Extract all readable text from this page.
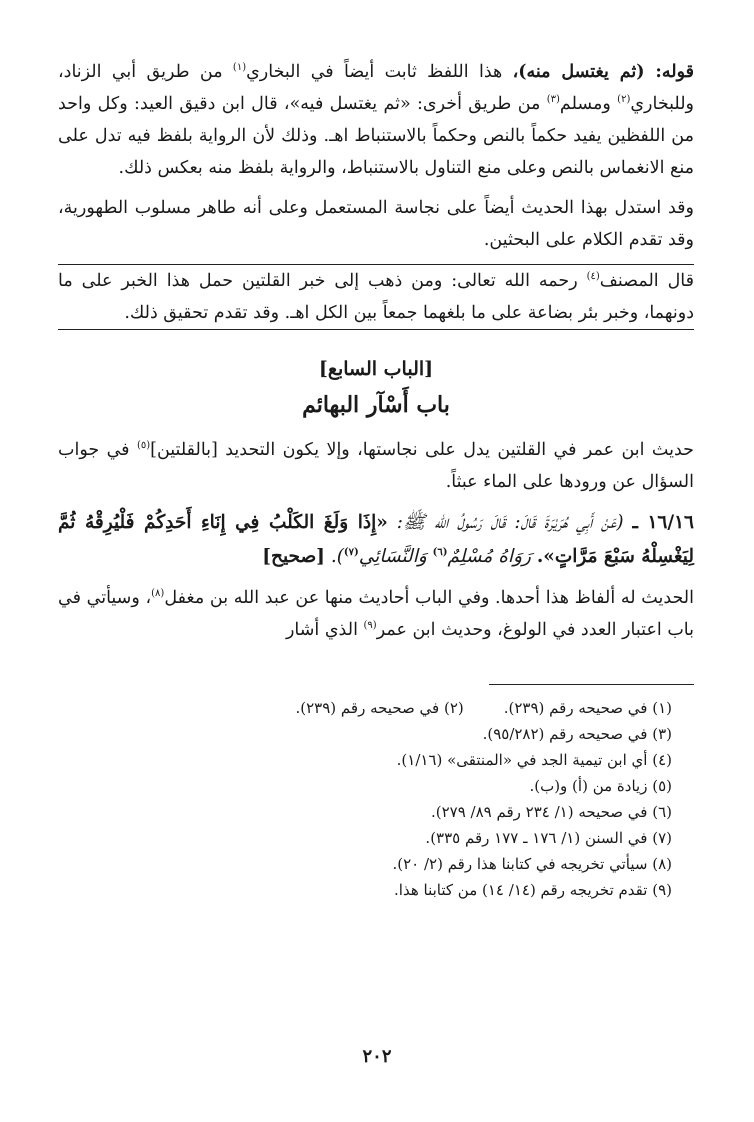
قوله: (ثم يغتسل منه)، هذا اللفظ ثابت أيضاً في البخاري$^{(١)}$ من طريق أبي الزناد، وللبخاري$^{(٢)}$ ومسلم$^{(٣)}$ من طريق أخرى: «ثم يغتسل فيه»، قال ابن دقيق العيد: وكل واحد من اللفظين يفيد حكماً بالنص وحكماً بالاستنباط اهـ. وذلك لأن الرواية بلفظ فيه تدل على منع الانغماس بالنص وعلى منع التناول بالاستنباط، والرواية بلفظ منه بعكس ذلك.

وقد استدل بهذا الحديث أيضاً على نجاسة المستعمل وعلى أنه طاهر مسلوب الطهورية، وقد تقدم الكلام على البحثين.

قال المصنف$^{(٤)}$ رحمه الله تعالى: ومن ذهب إلى خبر القلتين حمل هذا الخبر على ما دونهما، وخبر بئر بضاعة على ما بلغهما جمعاً بين الكل اهـ. وقد تقدم تحقيق ذلك.

[الباب السابع]
باب أَسْآر البهائم

حديث ابن عمر في القلتين يدل على نجاستها، وإلا يكون التحديد [بالقلتين]$^{(٥)}$ في جواب السؤال عن ورودها على الماء عبثاً.

١٦/١٦ ـ (عَنْ أَبِي هُرَيْرَةَ قَالَ: قَالَ رَسُولُ الله ﷺ: «إِذَا وَلَغَ الكَلْبُ فِي إِنَاءِ أَحَدِكُمْ فَلْيُرِقْهُ ثُمَّ لِيَغْسِلْهُ سَبْعَ مَرَّاتٍ». رَوَاهُ مُسْلِمٌ$^{(٦)}$ وَالنَّسَائِي$^{(٧)}$). [صحيح]

الحديث له ألفاظ هذا أحدها. وفي الباب أحاديث منها عن عبد الله بن مغفل$^{(٨)}$، وسيأتي في باب اعتبار العدد في الولوغ، وحديث ابن عمر$^{(٩)}$ الذي أشار

(١) في صحيحه رقم (٢٣٩).
(٢) في صحيحه رقم (٢٣٩).
(٣) في صحيحه رقم (٩٥/٢٨٢).
(٤) أي ابن تيمية الجد في «المنتقى» (١/١٦).
(٥) زيادة من (أ) و(ب).
(٦) في صحيحه (١/ ٢٣٤ رقم ٨٩/ ٢٧٩).
(٧) في السنن (١/ ١٧٦ ـ ١٧٧ رقم ٣٣٥).
(٨) سيأتي تخريجه في كتابنا هذا رقم (٢/ ٢٠).
(٩) تقدم تخريجه رقم (١٤/ ١٤) من كتابنا هذا.
٢٠٢
